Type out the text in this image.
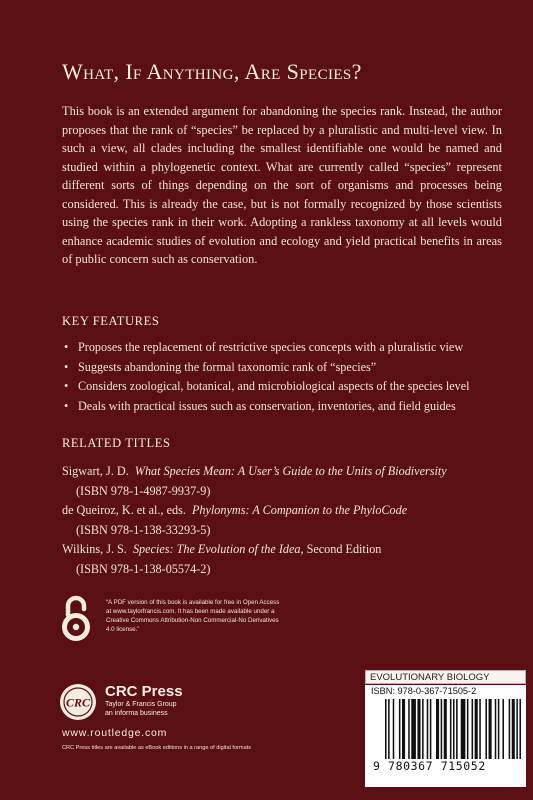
What, If Anything, Are Species?
This book is an extended argument for abandoning the species rank. Instead, the author proposes that the rank of “species” be replaced by a pluralistic and multi-level view. In such a view, all clades including the smallest identifiable one would be named and studied within a phylogenetic context. What are currently called “species” represent different sorts of things depending on the sort of organisms and processes being considered. This is already the case, but is not formally recognized by those scientists using the species rank in their work. Adopting a rankless taxonomy at all levels would enhance academic studies of evolution and ecology and yield practical benefits in areas of public concern such as conservation.
KEY FEATURES
• Proposes the replacement of restrictive species concepts with a pluralistic view
• Suggests abandoning the formal taxonomic rank of “species”
• Considers zoological, botanical, and microbiological aspects of the species level
• Deals with practical issues such as conservation, inventories, and field guides
RELATED TITLES
Sigwart, J. D. What Species Mean: A User’s Guide to the Units of Biodiversity
(ISBN 978-1-4987-9937-9)
de Queiroz, K. et al., eds. Phylonyms: A Companion to the PhyloCode
(ISBN 978-1-138-33293-5)
Wilkins, J. S. Species: The Evolution of the Idea, Second Edition
(ISBN 978-1-138-05574-2)
“A PDF version of this book is available for free in Open Access at www.taylorfrancis.com. It has been made available under a Creative Commons Attribution-Non Commercial-No Derivatives 4.0 license.”
CRC
CRC Press
Taylor & Francis Group
an informa business
www.routledge.com
CRC Press titles are available as eBook editions in a range of digital formats
EVOLUTIONARY BIOLOGY
ISBN: 978-0-367-71505-2
9 780367 715052
